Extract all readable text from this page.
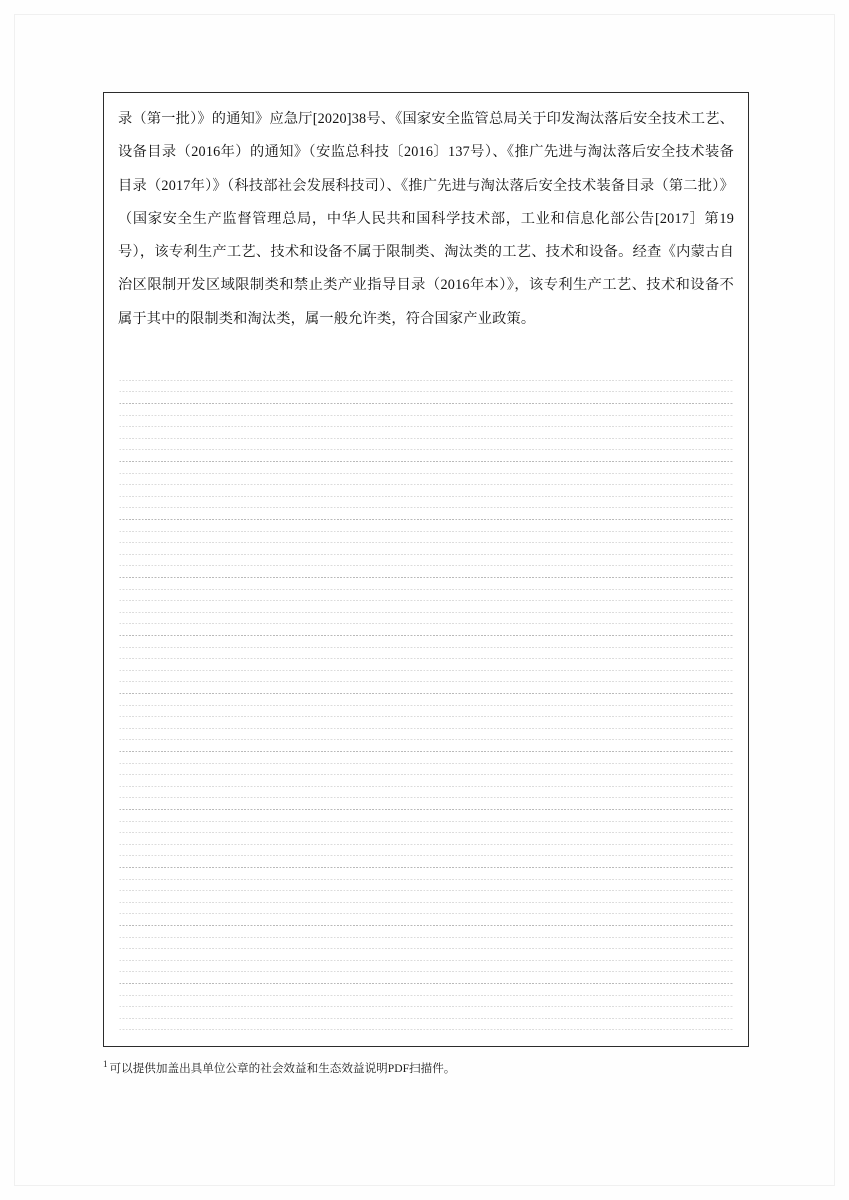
录（第一批）》的通知》应急厅[2020]38号、《国家安全监管总局关于印发淘汰落后安全技术工艺、设备目录（2016年）的通知》（安监总科技〔2016〕137号）、《推广先进与淘汰落后安全技术装备目录（2017年）》（科技部社会发展科技司）、《推广先进与淘汰落后安全技术装备目录（第二批）》（国家安全生产监督管理总局，中华人民共和国科学技术部，工业和信息化部公告[2017］第19号），该专利生产工艺、技术和设备不属于限制类、淘汰类的工艺、技术和设备。经查《内蒙古自治区限制开发区域限制类和禁止类产业指导目录（2016年本）》，该专利生产工艺、技术和设备不属于其中的限制类和淘汰类，属一般允许类，符合国家产业政策。

$^1$ 可以提供加盖出具单位公章的社会效益和生态效益说明PDF扫描件。
